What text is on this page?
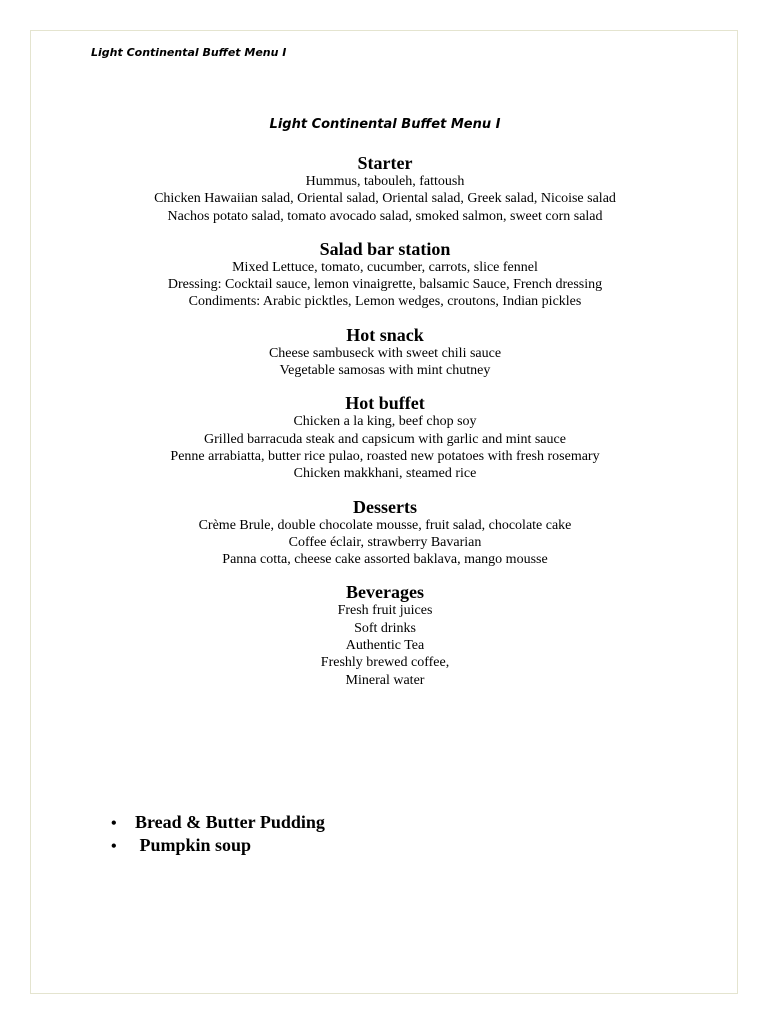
Light Continental Buffet Menu I
Light Continental Buffet Menu I
Starter
Hummus, tabouleh, fattoush
Chicken Hawaiian salad, Oriental salad, Oriental salad, Greek salad, Nicoise salad
Nachos potato salad, tomato avocado salad, smoked salmon, sweet corn salad
Salad bar station
Mixed Lettuce, tomato, cucumber, carrots, slice fennel
Dressing: Cocktail sauce, lemon vinaigrette, balsamic Sauce, French dressing
Condiments: Arabic picktles, Lemon wedges, croutons, Indian pickles
Hot snack
Cheese sambuseck with sweet chili sauce
Vegetable samosas with mint chutney
Hot buffet
Chicken a la king, beef chop soy
Grilled barracuda steak and capsicum with garlic and mint sauce
Penne arrabiatta, butter rice pulao, roasted new potatoes with fresh rosemary
Chicken makkhani, steamed rice
Desserts
Crème Brule, double chocolate mousse, fruit salad, chocolate cake
Coffee éclair, strawberry Bavarian
Panna cotta, cheese cake assorted baklava, mango mousse
Beverages
Fresh fruit juices
Soft drinks
Authentic Tea
Freshly brewed coffee,
Mineral water
• Bread & Butter Pudding
• Pumpkin soup
